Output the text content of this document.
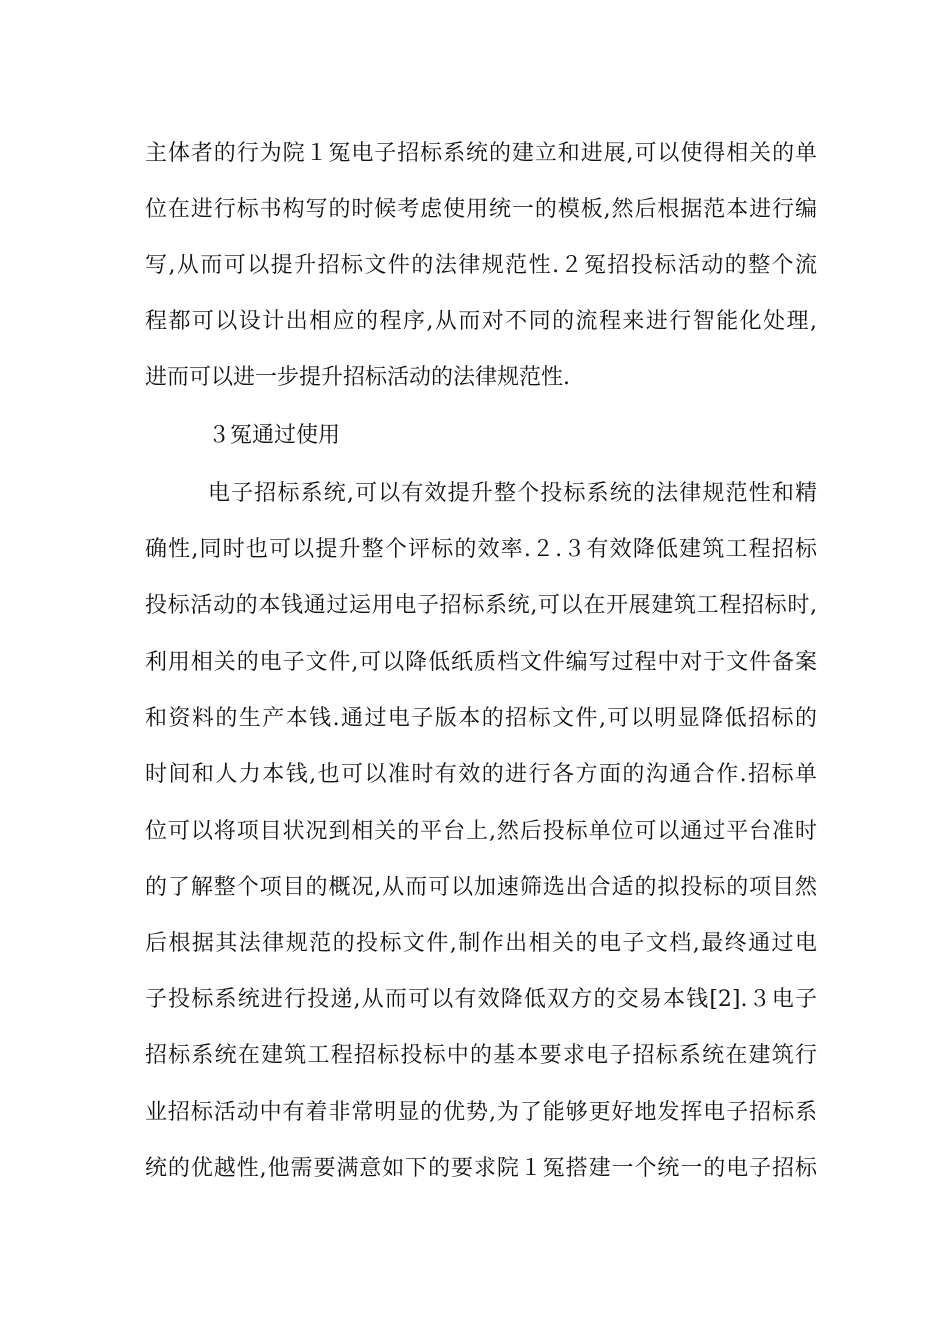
主体者的行为院１冤电子招标系统的建立和进展,可以使得相关的单
位在进行标书构写的时候考虑使用统一的模板,然后根据范本进行编
写,从而可以提升招标文件的法律规范性.２冤招投标活动的整个流
程都可以设计出相应的程序,从而对不同的流程来进行智能化处理,
进而可以进一步提升招标活动的法律规范性.
３冤通过使用
电子招标系统,可以有效提升整个投标系统的法律规范性和精
确性,同时也可以提升整个评标的效率.２.３有效降低建筑工程招标
投标活动的本钱通过运用电子招标系统,可以在开展建筑工程招标时,
利用相关的电子文件,可以降低纸质档文件编写过程中对于文件备案
和资料的生产本钱.通过电子版本的招标文件,可以明显降低招标的
时间和人力本钱,也可以准时有效的进行各方面的沟通合作.招标单
位可以将项目状况到相关的平台上,然后投标单位可以通过平台准时
的了解整个项目的概况,从而可以加速筛选出合适的拟投标的项目然
后根据其法律规范的投标文件,制作出相关的电子文档,最终通过电
子投标系统进行投递,从而可以有效降低双方的交易本钱[2].３电子
招标系统在建筑工程招标投标中的基本要求电子招标系统在建筑行
业招标活动中有着非常明显的优势,为了能够更好地发挥电子招标系
统的优越性,他需要满意如下的要求院１冤搭建一个统一的电子招标
